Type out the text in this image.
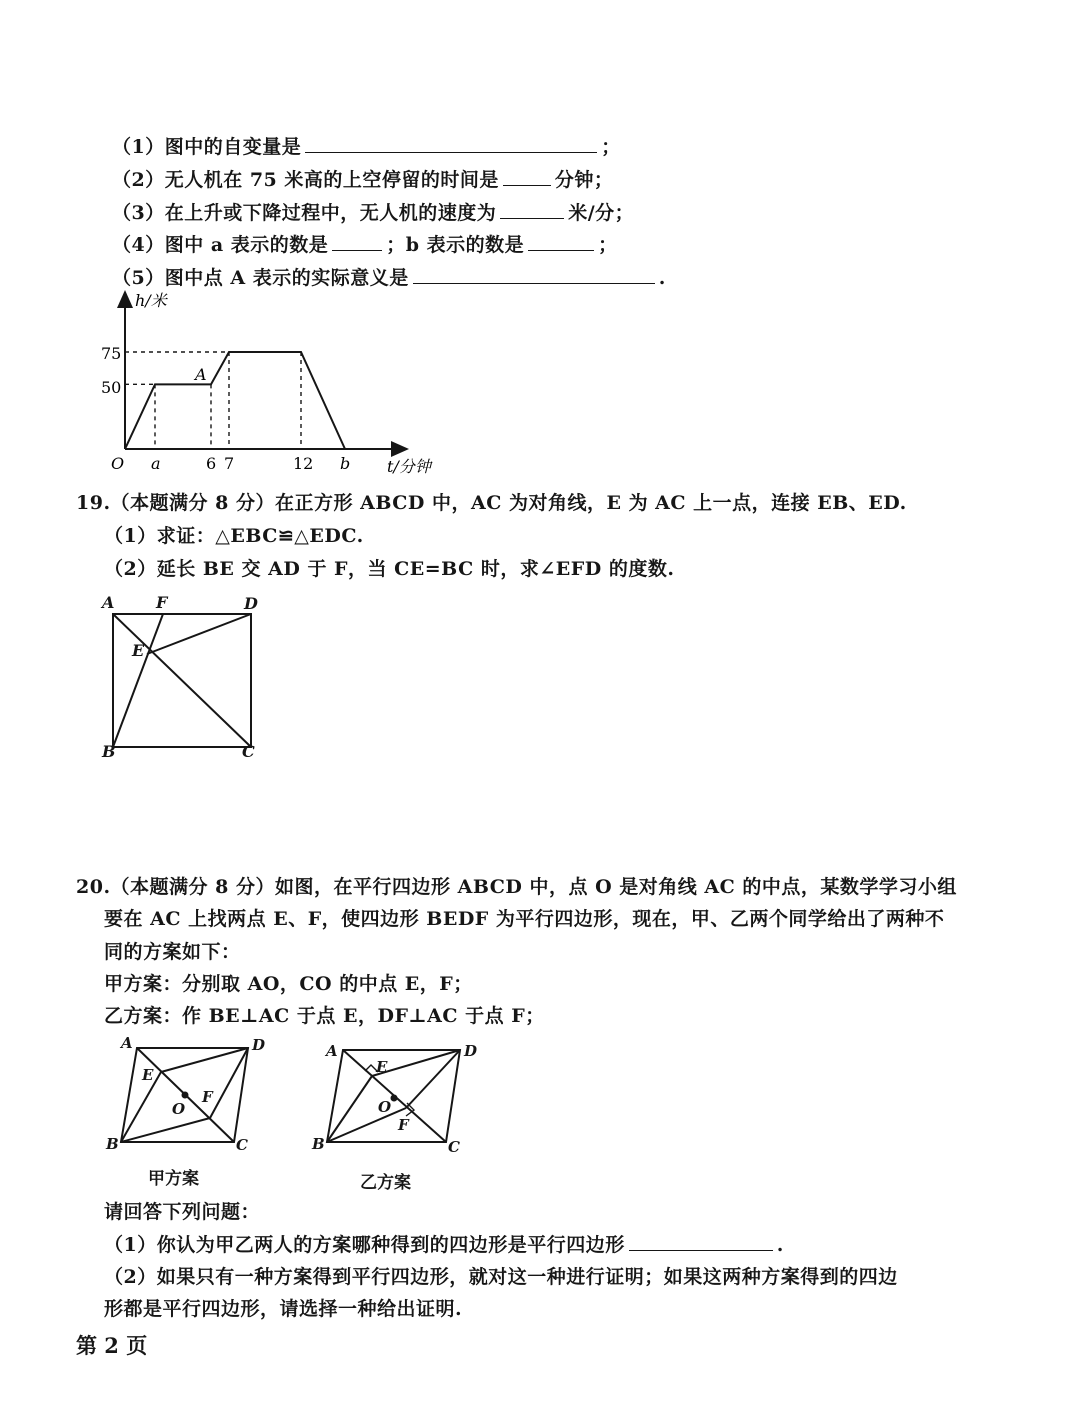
（1）图中的自变量是	；
（2）无人机在 75 米高的上空停留的时间是	分钟；
（3）在上升或下降过程中，无人机的速度为	米/分；
（4）图中 a 表示的数是	；b 表示的数是	；
（5）图中点 A 表示的实际意义是	.
h/米
t/分钟
50
75
O a	6 7	12 b
A
19.（本题满分 8 分）在正方形 ABCD 中，AC 为对角线，E 为 AC 上一点，连接 EB、ED.
（1）求证：△EBC≌△EDC.
（2）延长 BE 交 AD 于 F，当 CE=BC 时，求∠EFD 的度数.
A	F	D
E
B	C
20.（本题满分 8 分）如图，在平行四边形 ABCD 中，点 O 是对角线 AC 的中点，某数学学习小组
要在 AC 上找两点 E、F，使四边形 BEDF 为平行四边形，现在，甲、乙两个同学给出了两种不
同的方案如下：
甲方案：分别取 AO，CO 的中点 E，F；
乙方案：作 BE⊥AC 于点 E，DF⊥AC 于点 F；
A	D
E
O
F
B	C
甲方案
A	D
E
O
F
B	C
乙方案
请回答下列问题：
（1）你认为甲乙两人的方案哪种得到的四边形是平行四边形	.
（2）如果只有一种方案得到平行四边形，就对这一种进行证明；如果这两种方案得到的四边
形都是平行四边形，请选择一种给出证明.
第 2 页
